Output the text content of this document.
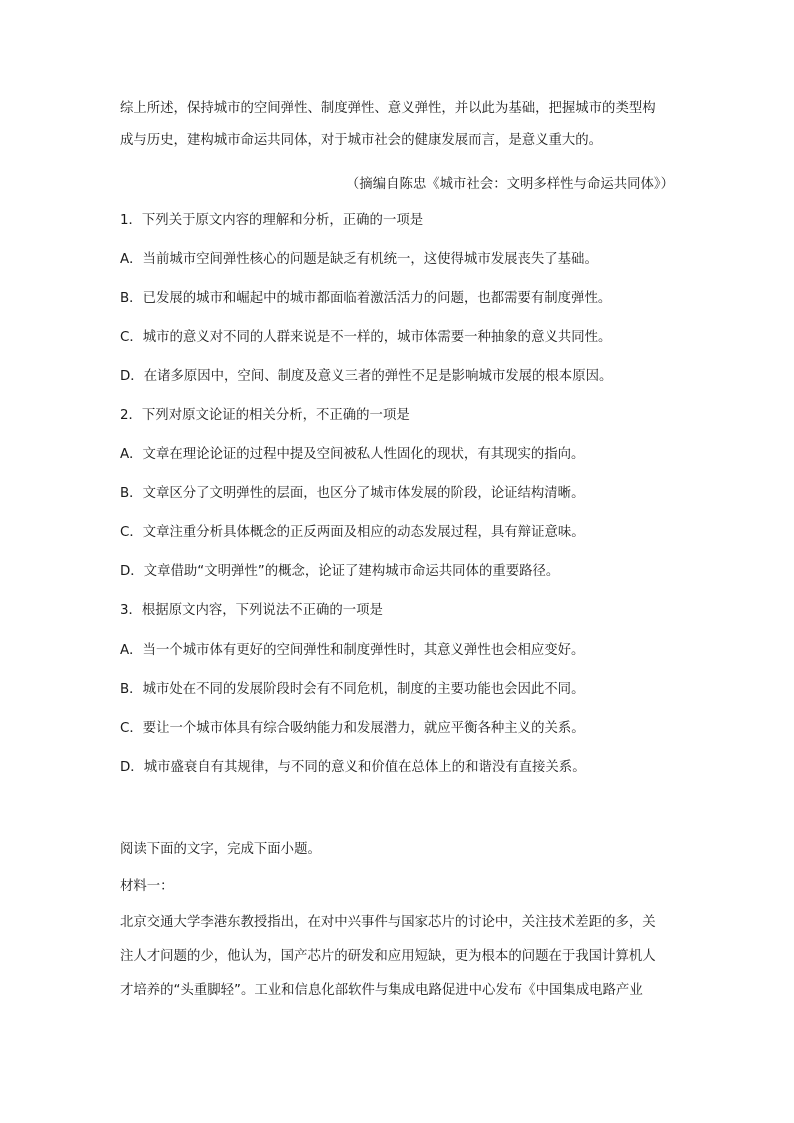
综上所述，保持城市的空间弹性、制度弹性、意义弹性，并以此为基础，把握城市的类型构
成与历史，建构城市命运共同体，对于城市社会的健康发展而言，是意义重大的。
（摘编自陈忠《城市社会：文明多样性与命运共同体》）
1．下列关于原文内容的理解和分析，正确的一项是
A．当前城市空间弹性核心的问题是缺乏有机统一，这使得城市发展丧失了基础。
B．已发展的城市和崛起中的城市都面临着激活活力的问题，也都需要有制度弹性。
C．城市的意义对不同的人群来说是不一样的，城市体需要一种抽象的意义共同性。
D．在诸多原因中，空间、制度及意义三者的弹性不足是影响城市发展的根本原因。
2．下列对原文论证的相关分析，不正确的一项是
A．文章在理论论证的过程中提及空间被私人性固化的现状，有其现实的指向。
B．文章区分了文明弹性的层面，也区分了城市体发展的阶段，论证结构清晰。
C．文章注重分析具体概念的正反两面及相应的动态发展过程，具有辩证意味。
D．文章借助“文明弹性”的概念，论证了建构城市命运共同体的重要路径。
3．根据原文内容，下列说法不正确的一项是
A．当一个城市体有更好的空间弹性和制度弹性时，其意义弹性也会相应变好。
B．城市处在不同的发展阶段时会有不同危机，制度的主要功能也会因此不同。
C．要让一个城市体具有综合吸纳能力和发展潜力，就应平衡各种主义的关系。
D．城市盛衰自有其规律，与不同的意义和价值在总体上的和谐没有直接关系。
阅读下面的文字，完成下面小题。
材料一：
北京交通大学李港东教授指出，在对中兴事件与国家芯片的讨论中，关注技术差距的多，关
注人才问题的少，他认为，国产芯片的研发和应用短缺，更为根本的问题在于我国计算机人
才培养的“头重脚轻”。工业和信息化部软件与集成电路促进中心发布《中国集成电路产业
